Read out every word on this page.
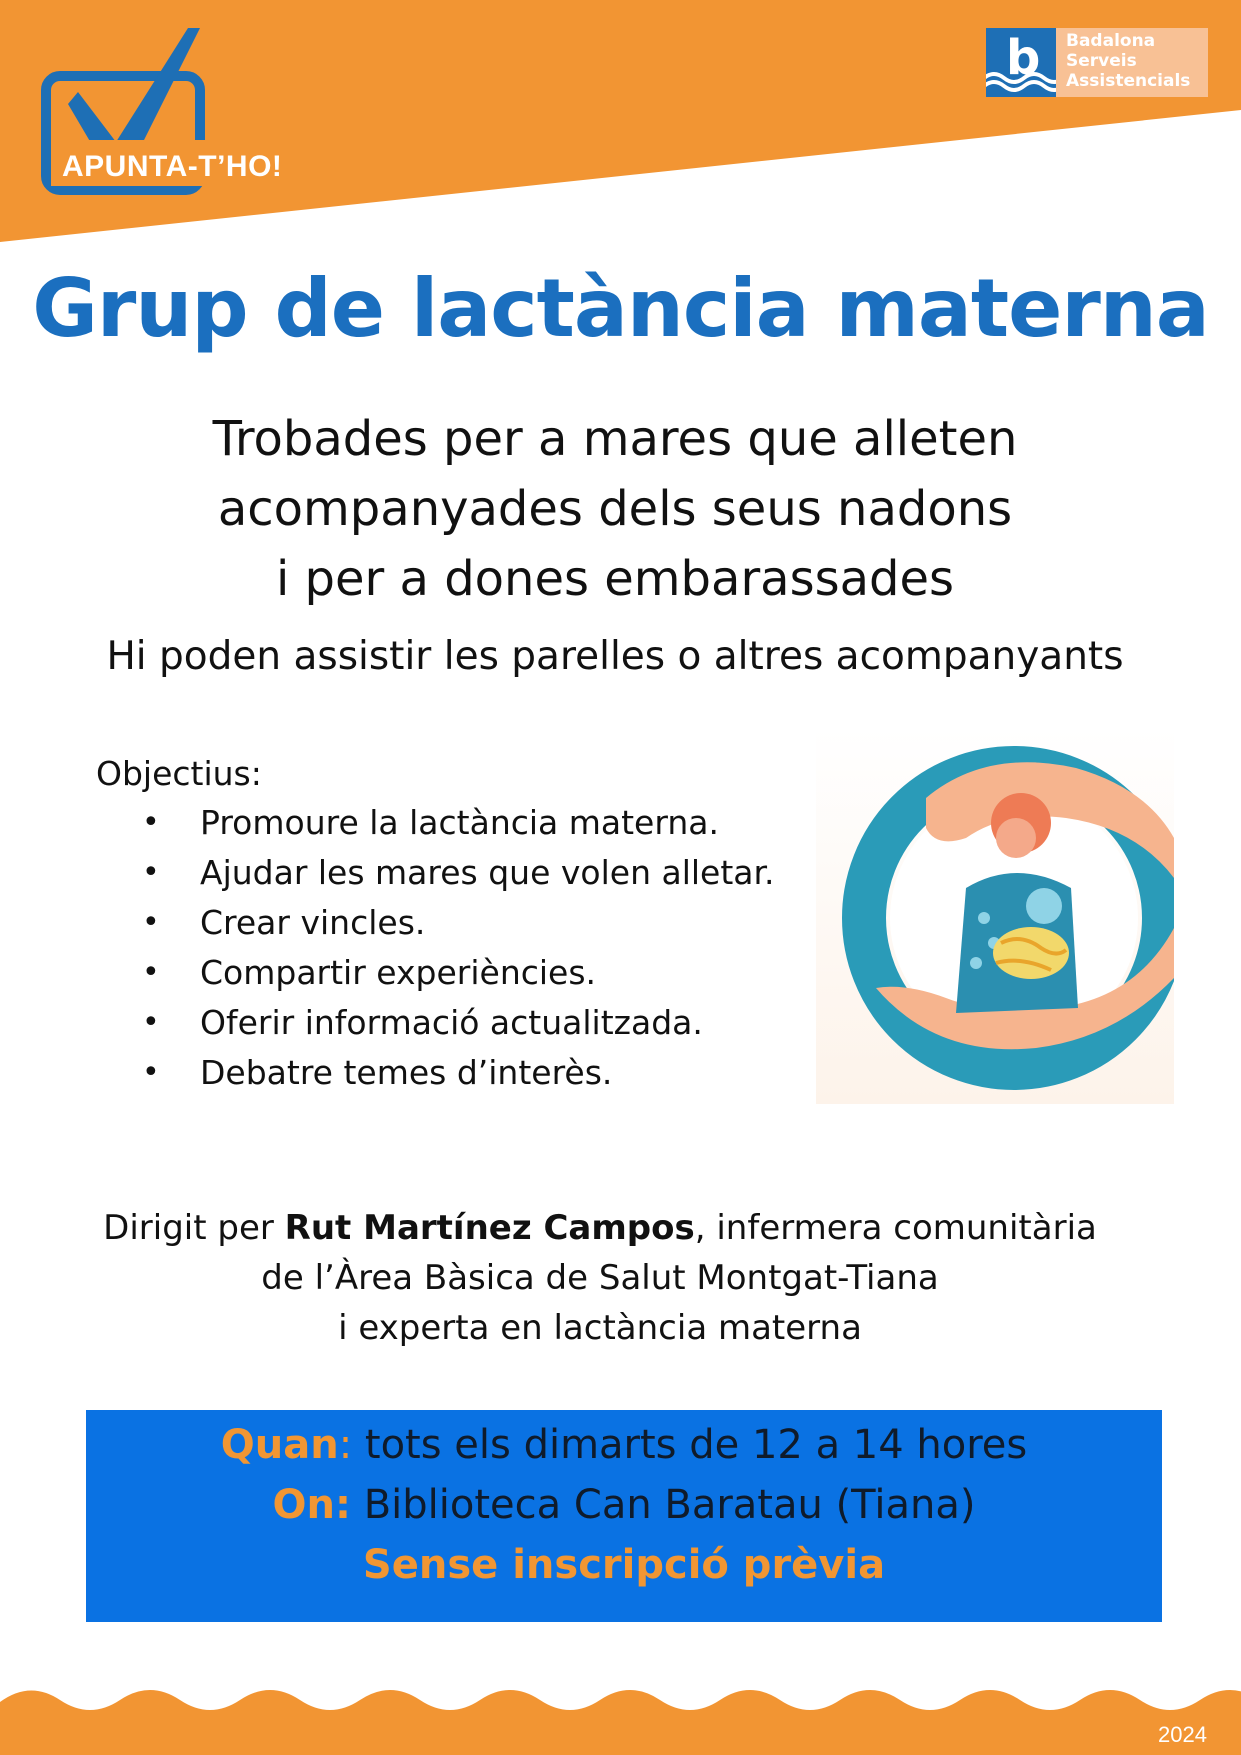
APUNTA-T’HO!
b Badalona
Serveis
Assistencials
Grup de lactància materna
Trobades per a mares que alleten
acompanyades dels seus nadons
i per a dones embarassades
Hi poden assistir les parelles o altres acompanyants
Objectius:
• Promoure la lactància materna.
• Ajudar les mares que volen alletar.
• Crear vincles.
• Compartir experiències.
• Oferir informació actualitzada.
• Debatre temes d’interès.
Dirigit per Rut Martínez Campos, infermera comunitària
de l’Àrea Bàsica de Salut Montgat-Tiana
i experta en lactància materna
Quan: tots els dimarts de 12 a 14 hores
On: Biblioteca Can Baratau (Tiana)
Sense inscripció prèvia
2024
